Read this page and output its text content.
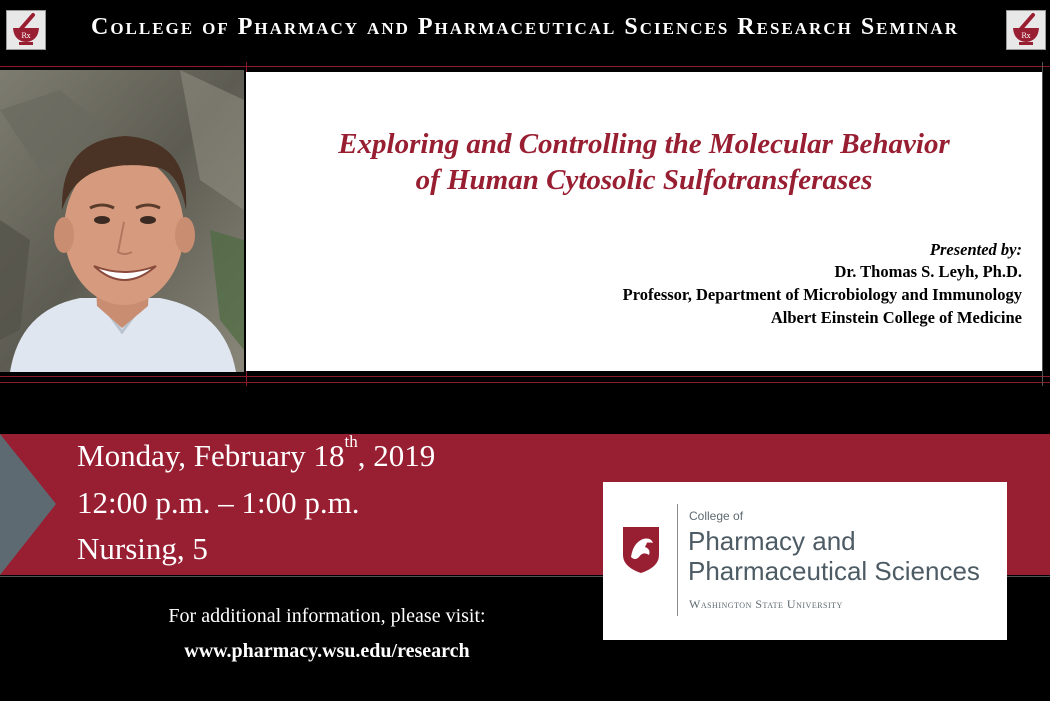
Rx	College of Pharmacy and Pharmaceutical Sciences Research Seminar	Rx
Exploring and Controlling the Molecular Behavior
of Human Cytosolic Sulfotransferases
Presented by:
Dr. Thomas S. Leyh, Ph.D.
Professor, Department of Microbiology and Immunology
Albert Einstein College of Medicine
Monday, February 18th, 2019
12:00 p.m. – 1:00 p.m.
Nursing, 5
College of
Pharmacy and
Pharmaceutical Sciences
Washington State University
For additional information, please visit:
www.pharmacy.wsu.edu/research
